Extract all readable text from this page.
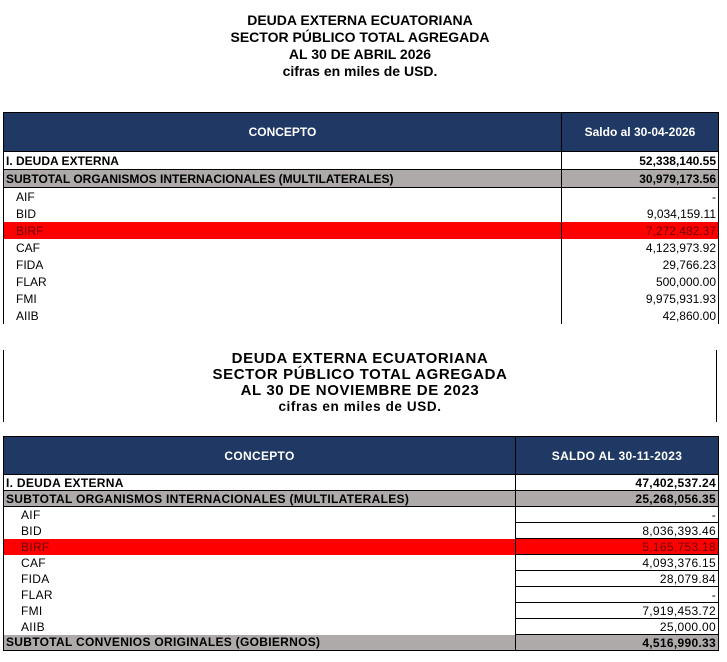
DEUDA EXTERNA ECUATORIANA
SECTOR PÚBLICO TOTAL AGREGADA
AL 30 DE ABRIL 2026
cifras en miles de USD.
CONCEPTO	Saldo al 30-04-2026
I. DEUDA EXTERNA	52,338,140.55
SUBTOTAL ORGANISMOS INTERNACIONALES (MULTILATERALES)	30,979,173.56
AIF	-
BID	9,034,159.11
BIRF	7,272,482.37
CAF	4,123,973.92
FIDA	29,766.23
FLAR	500,000.00
FMI	9,975,931.93
AIIB	42,860.00
DEUDA EXTERNA ECUATORIANA
SECTOR PÚBLICO TOTAL AGREGADA
AL 30 DE NOVIEMBRE DE 2023
cifras en miles de USD.
CONCEPTO	SALDO AL 30-11-2023
I. DEUDA EXTERNA	47,402,537.24
SUBTOTAL ORGANISMOS INTERNACIONALES (MULTILATERALES)	25,268,056.35
AIF	-
BID	8,036,393.46
BIRF	5,165,753.18
CAF	4,093,376.15
FIDA	28,079.84
FLAR	-
FMI	7,919,453.72
AIIB	25,000.00
SUBTOTAL CONVENIOS ORIGINALES (GOBIERNOS)	4,516,990.33
